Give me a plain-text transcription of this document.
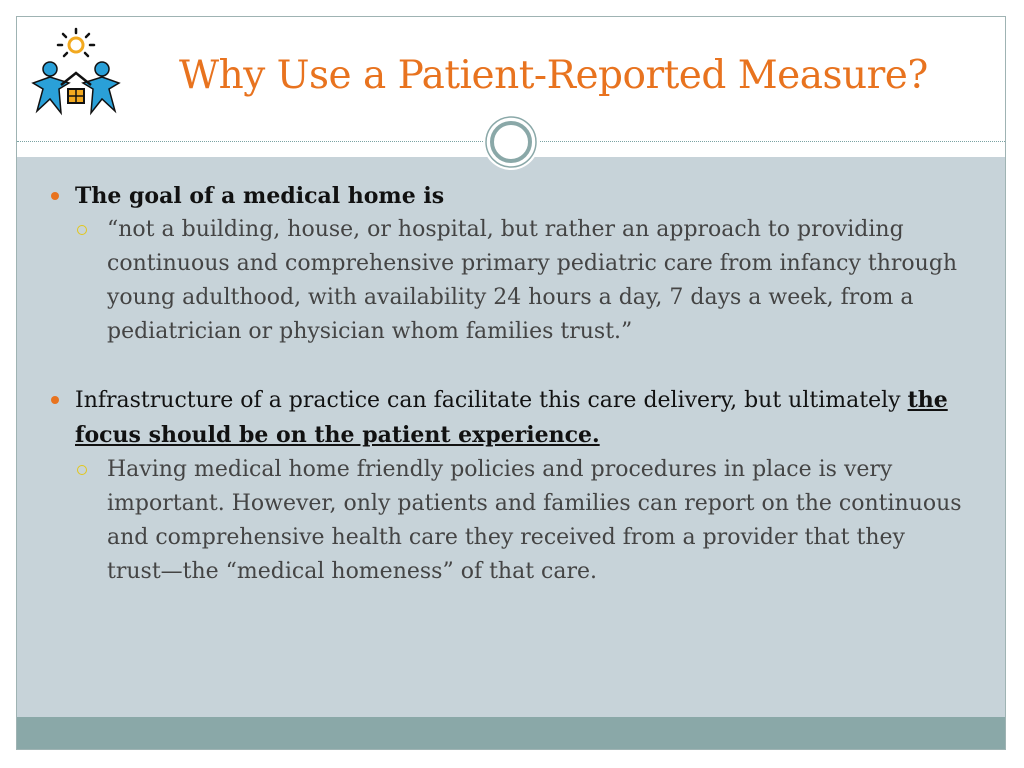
Why Use a Patient-Reported Measure?
The goal of a medical home is
“not a building, house, or hospital, but rather an approach to providing continuous and comprehensive primary pediatric care from infancy through young adulthood, with availability 24 hours a day, 7 days a week, from a pediatrician or physician whom families trust.”
Infrastructure of a practice can facilitate this care delivery, but ultimately the focus should be on the patient experience.
Having medical home friendly policies and procedures in place is very important. However, only patients and families can report on the continuous and comprehensive health care they received from a provider that they trust—the “medical homeness” of that care.
